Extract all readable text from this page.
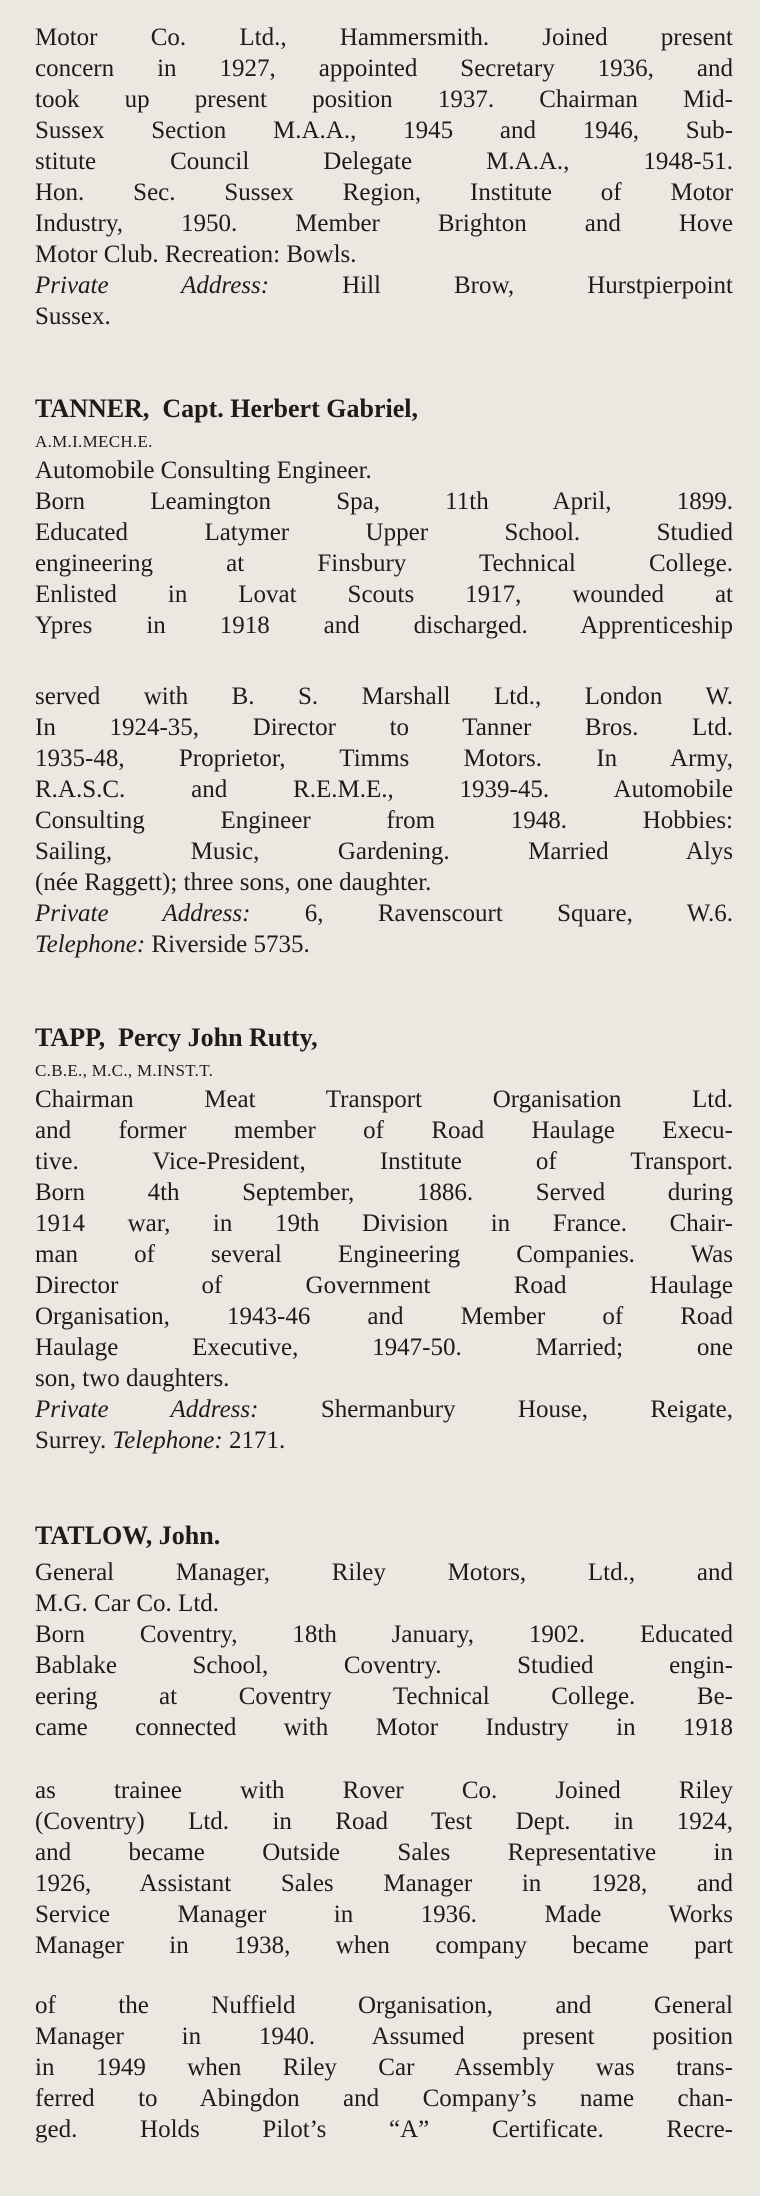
Motor Co. Ltd., Hammersmith. Joined present
concern in 1927, appointed Secretary 1936, and
took up present position 1937. Chairman Mid-
Sussex Section M.A.A., 1945 and 1946, Sub-
stitute Council Delegate M.A.A., 1948-51.
Hon. Sec. Sussex Region, Institute of Motor
Industry, 1950. Member Brighton and Hove
Motor Club. Recreation: Bowls.
Private Address:	Hill Brow, Hurstpierpoint
Sussex.
TANNER, Capt. Herbert Gabriel,
A.M.I.MECH.E.
Automobile Consulting Engineer.
Born Leamington Spa, 11th April, 1899.
Educated Latymer Upper School. Studied
engineering at Finsbury Technical College.
Enlisted in Lovat Scouts 1917, wounded at
Ypres in 1918 and discharged. Apprenticeship
served with B. S. Marshall Ltd., London W.
In 1924-35, Director to Tanner Bros. Ltd.
1935-48, Proprietor, Timms Motors. In Army,
R.A.S.C. and R.E.M.E., 1939-45. Automobile
Consulting Engineer from 1948. Hobbies:
Sailing, Music, Gardening. Married Alys
(née Raggett); three sons, one daughter.
Private Address: 6, Ravenscourt Square, W.6.
Telephone: Riverside 5735.
TAPP, Percy John Rutty,
C.B.E., M.C., M.INST.T.
Chairman Meat Transport Organisation Ltd.
and former member of Road Haulage Execu-
tive. Vice-President, Institute of Transport.
Born 4th September, 1886. Served during
1914 war, in 19th Division in France. Chair-
man of several Engineering Companies. Was
Director of Government Road Haulage
Organisation, 1943-46 and Member of Road
Haulage Executive, 1947-50. Married; one
son, two daughters.
Private Address: Shermanbury House, Reigate,
Surrey. Telephone: 2171.
TATLOW, John.
General Manager, Riley Motors, Ltd., and
M.G. Car Co. Ltd.
Born Coventry, 18th January, 1902. Educated
Bablake School, Coventry. Studied engin-
eering at Coventry Technical College. Be-
came connected with Motor Industry in 1918
as trainee with Rover Co. Joined Riley
(Coventry) Ltd. in Road Test Dept. in 1924,
and became Outside Sales Representative in
1926, Assistant Sales Manager in 1928, and
Service Manager in 1936. Made Works
Manager in 1938, when company became part
of the Nuffield Organisation, and General
Manager in 1940. Assumed present position
in 1949 when Riley Car Assembly was trans-
ferred to Abingdon and Company’s name chan-
ged. Holds Pilot’s “A” Certificate. Recre-
